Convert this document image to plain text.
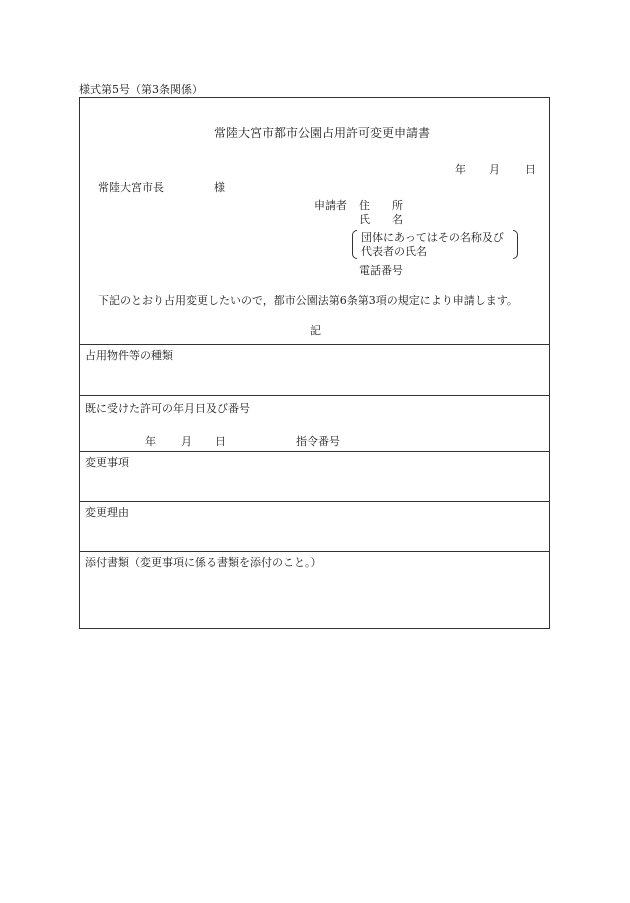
様式第5号（第3条関係）
常陸大宮市都市公園占用許可変更申請書
年 月 日
常陸大宮市長	様
申請者 住　　所
氏　　名
団体にあってはその名称及び
代表者の氏名
電話番号
下記のとおり占用変更したいので，都市公園法第6条第3項の規定により申請します。
記
占用物件等の種類
既に受けた許可の年月日及び番号
年 月 日	指令番号
変更事項
変更理由
添付書類（変更事項に係る書類を添付のこと。）
